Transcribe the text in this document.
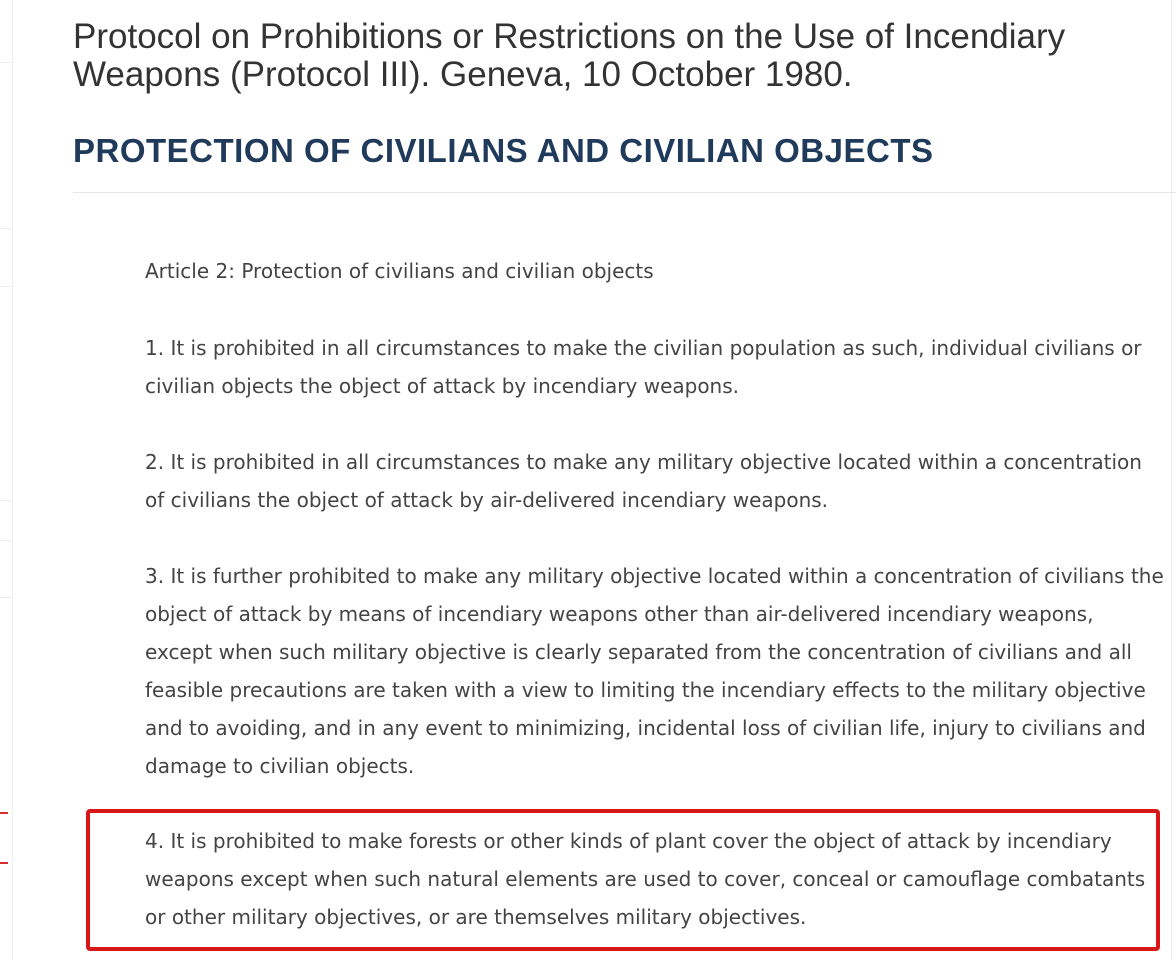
Protocol on Prohibitions or Restrictions on the Use of Incendiary Weapons (Protocol III). Geneva, 10 October 1980.
PROTECTION OF CIVILIANS AND CIVILIAN OBJECTS

Article 2: Protection of civilians and civilian objects

1. It is prohibited in all circumstances to make the civilian population as such, individual civilians or civilian objects the object of attack by incendiary weapons.

2. It is prohibited in all circumstances to make any military objective located within a concentration of civilians the object of attack by air-delivered incendiary weapons.

3. It is further prohibited to make any military objective located within a concentration of civilians the object of attack by means of incendiary weapons other than air-delivered incendiary weapons, except when such military objective is clearly separated from the concentration of civilians and all feasible precautions are taken with a view to limiting the incendiary effects to the military objective and to avoiding, and in any event to minimizing, incidental loss of civilian life, injury to civilians and damage to civilian objects.

4. It is prohibited to make forests or other kinds of plant cover the object of attack by incendiary weapons except when such natural elements are used to cover, conceal or camouflage combatants or other military objectives, or are themselves military objectives.
